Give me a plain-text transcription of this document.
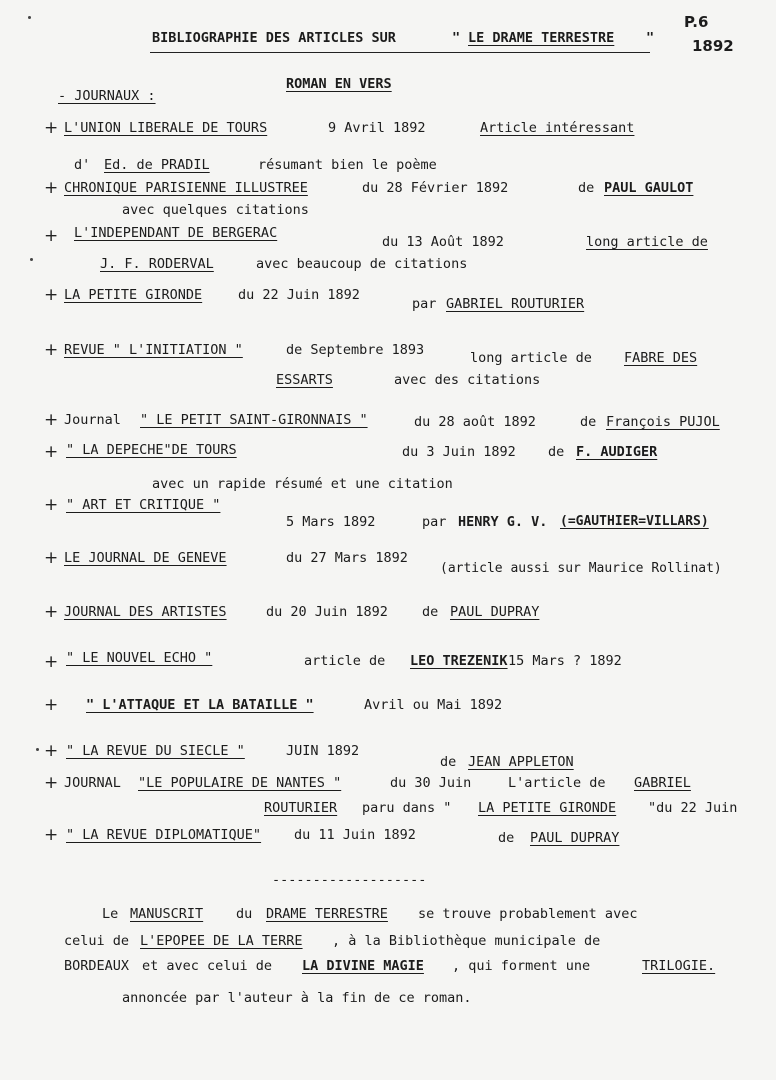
BIBLIOGRAPHIE DES ARTICLES SUR	" LE DRAME TERRESTRE "
P.6
1892
ROMAN EN VERS
- JOURNAUX :
+ L'UNION LIBERALE DE TOURS	9 Avril 1892	Article intéressant
d' Ed. de PRADIL	résumant bien le poème
+ CHRONIQUE PARISIENNE ILLUSTREE	du 28 Février 1892	de PAUL GAULOT
avec quelques citations
+ L'INDEPENDANT DE BERGERAC
du 13 Août 1892	long article de
J. F. RODERVAL	avec beaucoup de citations
+ LA PETITE GIRONDE	du 22 Juin 1892
par GABRIEL ROUTURIER
+ REVUE " L'INITIATION "	de Septembre 1893	long article de FABRE DES
ESSARTS	avec des citations
+ Journal " LE PETIT SAINT-GIRONNAIS "	du 28 août 1892	de François PUJOL
+ " LA DEPECHE"DE TOURS	du 3 Juin 1892 de F. AUDIGER
avec un rapide résumé et une citation
+ " ART ET CRITIQUE "
5 Mars 1892	par HENRY G. V. (=GAUTHIER=VILLARS)
+ LE JOURNAL DE GENEVE	du 27 Mars 1892
(article aussi sur Maurice Rollinat)
+ JOURNAL DES ARTISTES	du 20 Juin 1892	de PAUL DUPRAY
+ " LE NOUVEL ECHO "	article de LEO TREZENIK 15 Mars ? 1892
+ " L'ATTAQUE ET LA BATAILLE "	Avril ou Mai 1892
+ " LA REVUE DU SIECLE "	JUIN 1892
de JEAN APPLETON
+ JOURNAL "LE POPULAIRE DE NANTES "	du 30 Juin	L'article de GABRIEL
ROUTURIER paru dans " LA PETITE GIRONDE "du 22 Juin
+ " LA REVUE DIPLOMATIQUE" du 11 Juin 1892	de PAUL DUPRAY
-------------------
Le MANUSCRIT du DRAME TERRESTRE se trouve probablement avec
celui de L'EPOPEE DE LA TERRE , à la Bibliothèque municipale de
BORDEAUX et avec celui de LA DIVINE MAGIE , qui forment une	TRILOGIE.
annoncée par l'auteur à la fin de ce roman.
